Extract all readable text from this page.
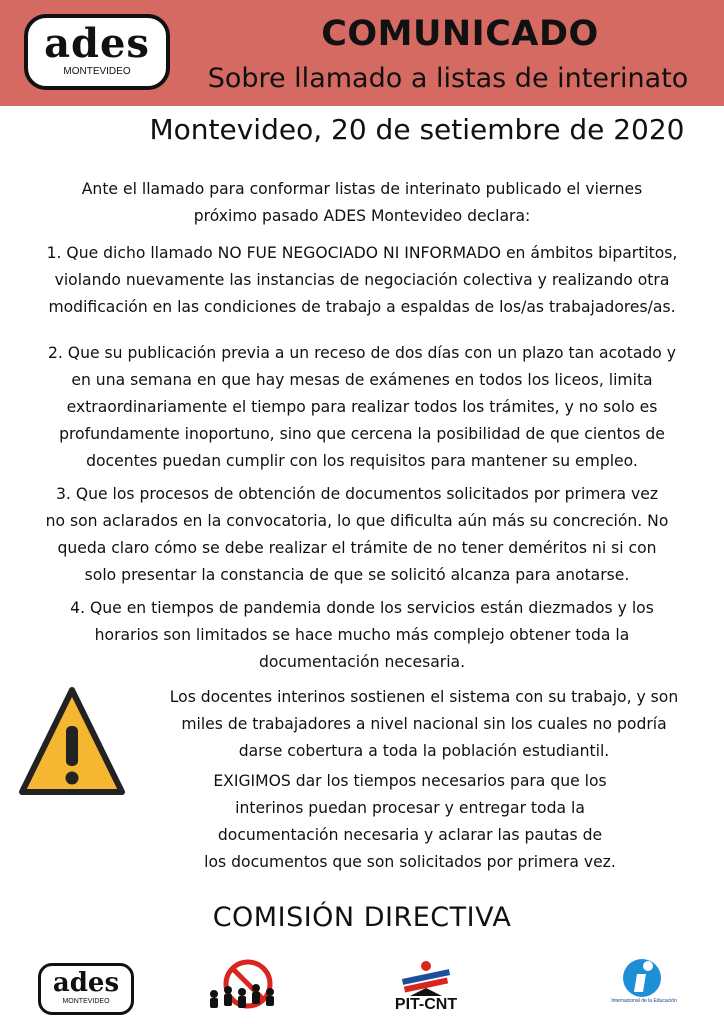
ades
MONTEVIDEO
COMUNICADO
Sobre llamado a listas de interinato
Montevideo, 20 de setiembre de 2020
Ante el llamado para conformar listas de interinato publicado el viernes
próximo pasado ADES Montevideo declara:
1. Que dicho llamado NO FUE NEGOCIADO NI INFORMADO en ámbitos bipartitos,
violando nuevamente las instancias de negociación colectiva y realizando otra
modificación en las condiciones de trabajo a espaldas de los/as trabajadores/as.
2. Que su publicación previa a un receso de dos días con un plazo tan acotado y
en una semana en que hay mesas de exámenes en todos los liceos, limita
extraordinariamente el tiempo para realizar todos los trámites, y no solo es
profundamente inoportuno, sino que cercena la posibilidad de que cientos de
docentes puedan cumplir con los requisitos para mantener su empleo.
3. Que los procesos de obtención de documentos solicitados por primera vez
no son aclarados en la convocatoria, lo que dificulta aún más su concreción. No
queda claro cómo se debe realizar el trámite de no tener deméritos ni si con
solo presentar la constancia de que se solicitó alcanza para anotarse.
4. Que en tiempos de pandemia donde los servicios están diezmados y los
horarios son limitados se hace mucho más complejo obtener toda la
documentación necesaria.
Los docentes interinos sostienen el sistema con su trabajo, y son
miles de trabajadores a nivel nacional sin los cuales no podría
darse cobertura a toda la población estudiantil.
EXIGIMOS dar los tiempos necesarios para que los
interinos puedan procesar y entregar toda la
documentación necesaria y aclarar las pautas de
los documentos que son solicitados por primera vez.
COMISIÓN DIRECTIVA
ades
MONTEVIDEO	PIT-CNT	Internacional de la Educación
